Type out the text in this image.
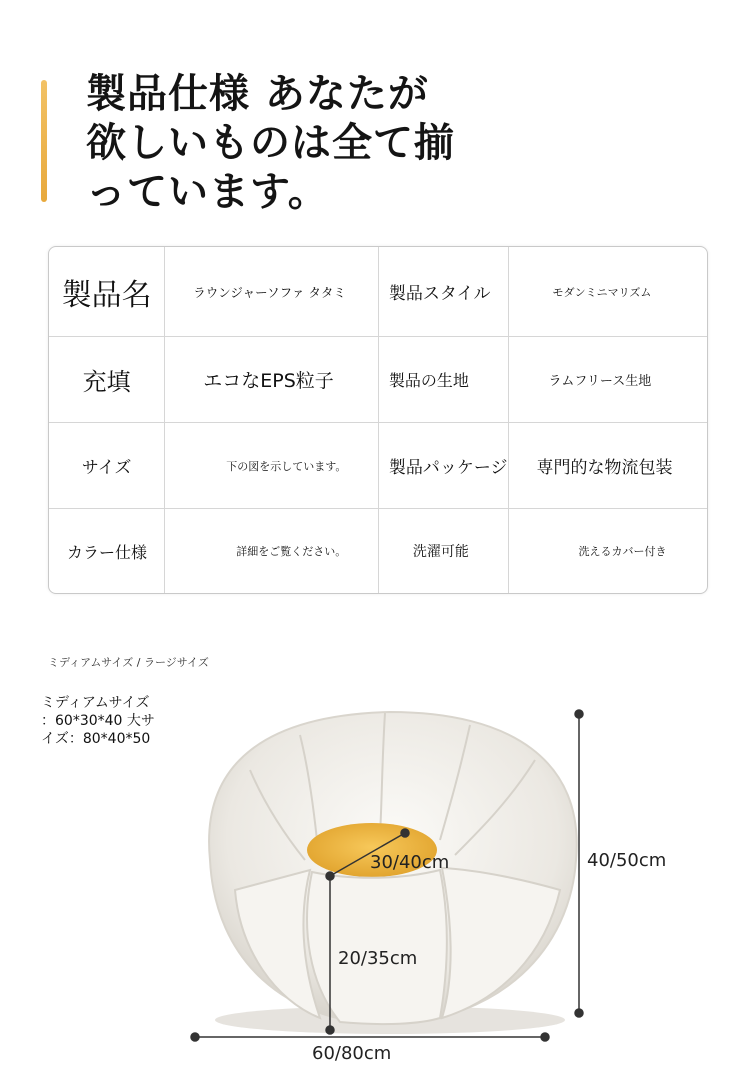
製品仕様 あなたが
欲しいものは全て揃
っています。
製品名	ラウンジャーソファ タタミ	製品スタイル	モダンミニマリズム

充填	エコなEPS粒子	製品の生地	ラムフリース生地

サイズ	下の図を示しています。	製品パッケージ	専門的な物流包装

カラー仕様	詳細をご覧ください。	洗濯可能	洗えるカバー付き
ミディアムサイズ / ラージサイズ
ミディアムサイズ
：60*30*40 大サ
イズ：80*40*50
30/40cm	40/50cm
20/35cm
60/80cm
